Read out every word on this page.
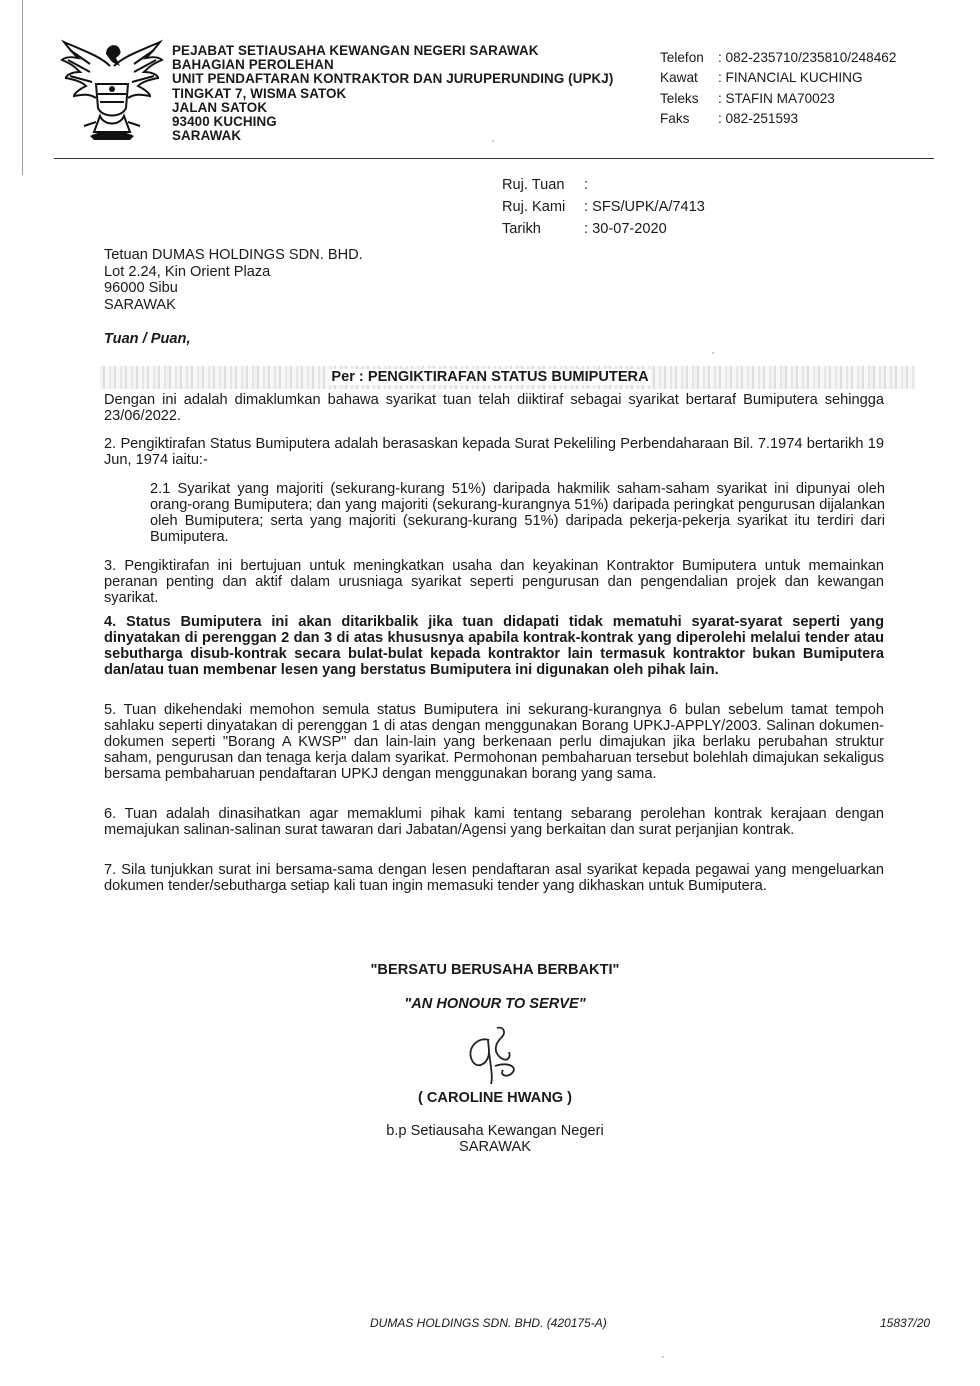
PEJABAT SETIAUSAHA KEWANGAN NEGERI SARAWAK
BAHAGIAN PEROLEHAN
UNIT PENDAFTARAN KONTRAKTOR DAN JURUPERUNDING (UPKJ)
TINGKAT 7, WISMA SATOK
JALAN SATOK
93400 KUCHING
SARAWAK
Telefon	: 082-235710/235810/248462
Kawat	: FINANCIAL KUCHING
Teleks	: STAFIN MA70023
Faks	: 082-251593
Ruj. Tuan	:
Ruj. Kami	: SFS/UPK/A/7413
Tarikh	: 30-07-2020
Tetuan DUMAS HOLDINGS SDN. BHD.
Lot 2.24, Kin Orient Plaza
96000 Sibu
SARAWAK
Tuan / Puan,
Per : PENGIKTIRAFAN STATUS BUMIPUTERA

Dengan ini adalah dimaklumkan bahawa syarikat tuan telah diiktiraf sebagai syarikat bertaraf Bumiputera sehingga 23/06/2022.

2. Pengiktirafan Status Bumiputera adalah berasaskan kepada Surat Pekeliling Perbendaharaan Bil. 7.1974 bertarikh 19 Jun, 1974 iaitu:-

2.1 Syarikat yang majoriti (sekurang-kurang 51%) daripada hakmilik saham-saham syarikat ini dipunyai oleh orang-orang Bumiputera; dan yang majoriti (sekurang-kurangnya 51%) daripada peringkat pengurusan dijalankan oleh Bumiputera; serta yang majoriti (sekurang-kurang 51%) daripada pekerja-pekerja syarikat itu terdiri dari Bumiputera.

3. Pengiktirafan ini bertujuan untuk meningkatkan usaha dan keyakinan Kontraktor Bumiputera untuk memainkan peranan penting dan aktif dalam urusniaga syarikat seperti pengurusan dan pengendalian projek dan kewangan syarikat.

4. Status Bumiputera ini akan ditarikbalik jika tuan didapati tidak mematuhi syarat-syarat seperti yang dinyatakan di perenggan 2 dan 3 di atas khususnya apabila kontrak-kontrak yang diperolehi melalui tender atau sebutharga disub-kontrak secara bulat-bulat kepada kontraktor lain termasuk kontraktor bukan Bumiputera dan/atau tuan membenar lesen yang berstatus Bumiputera ini digunakan oleh pihak lain.

5. Tuan dikehendaki memohon semula status Bumiputera ini sekurang-kurangnya 6 bulan sebelum tamat tempoh sahlaku seperti dinyatakan di perenggan 1 di atas dengan menggunakan Borang UPKJ-APPLY/2003. Salinan dokumen-dokumen seperti "Borang A KWSP" dan lain-lain yang berkenaan perlu dimajukan jika berlaku perubahan struktur saham, pengurusan dan tenaga kerja dalam syarikat. Permohonan pembaharuan tersebut bolehlah dimajukan sekaligus bersama pembaharuan pendaftaran UPKJ dengan menggunakan borang yang sama.

6. Tuan adalah dinasihatkan agar memaklumi pihak kami tentang sebarang perolehan kontrak kerajaan dengan memajukan salinan-salinan surat tawaran dari Jabatan/Agensi yang berkaitan dan surat perjanjian kontrak.

7. Sila tunjukkan surat ini bersama-sama dengan lesen pendaftaran asal syarikat kepada pegawai yang mengeluarkan dokumen tender/sebutharga setiap kali tuan ingin memasuki tender yang dikhaskan untuk Bumiputera.

"BERSATU BERUSAHA BERBAKTI"
"AN HONOUR TO SERVE"
( CAROLINE HWANG )
b.p Setiausaha Kewangan Negeri
SARAWAK
DUMAS HOLDINGS SDN. BHD. (420175-A)	15837/20
